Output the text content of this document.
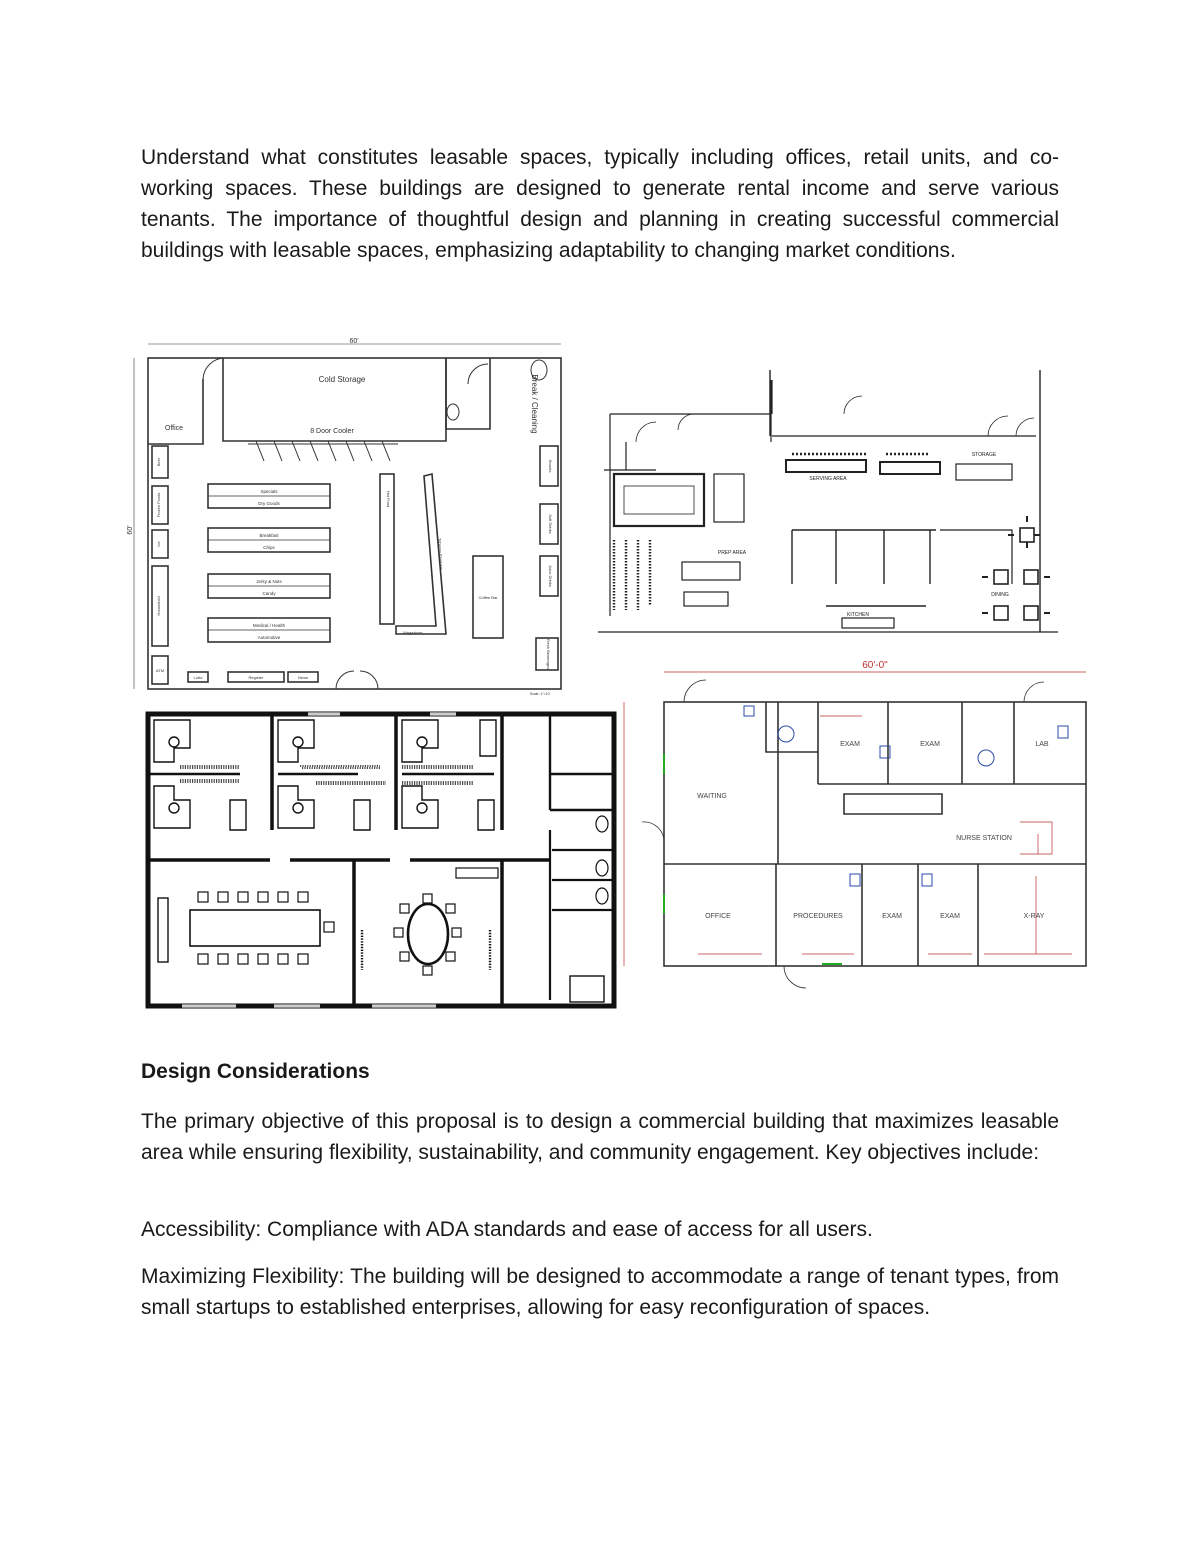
Understand what constitutes leasable spaces, typically including offices, retail units, and co-working spaces. These buildings are designed to generate rental income and serve various tenants. The importance of thoughtful design and planning in creating successful commercial buildings with leasable spaces, emphasizing adaptability to changing market conditions.

60'
60'
Cold Storage
8 Door Cooler	Break / Cleaning
Office
Beer
Frozen Foods
Ice
Household
ATM
Lotto	Register	News
Snacks
Soft Drinks
Juice Drinks
Fresh Beverages
Specials
Dry Goods
Breakfast
Chips
Jerky & Nuts
Candy
Medical / Health
Automotive
Hot Food
Tobacco Products
Coffee Bar
Magazines
Scale: 1"=10'
PREP AREA
STORAGE
SERVING AREA
KITCHEN
DINING
60'-0"
WAITING
EXAM	EXAM	LAB
NURSE STATION
OFFICE	PROCEDURES	EXAM	EXAM	X-RAY
Design Considerations

The primary objective of this proposal is to design a commercial building that maximizes leasable area while ensuring flexibility, sustainability, and community engagement. Key objectives include:

Accessibility: Compliance with ADA standards and ease of access for all users.

Maximizing Flexibility: The building will be designed to accommodate a range of tenant types, from small startups to established enterprises, allowing for easy reconfiguration of spaces.
